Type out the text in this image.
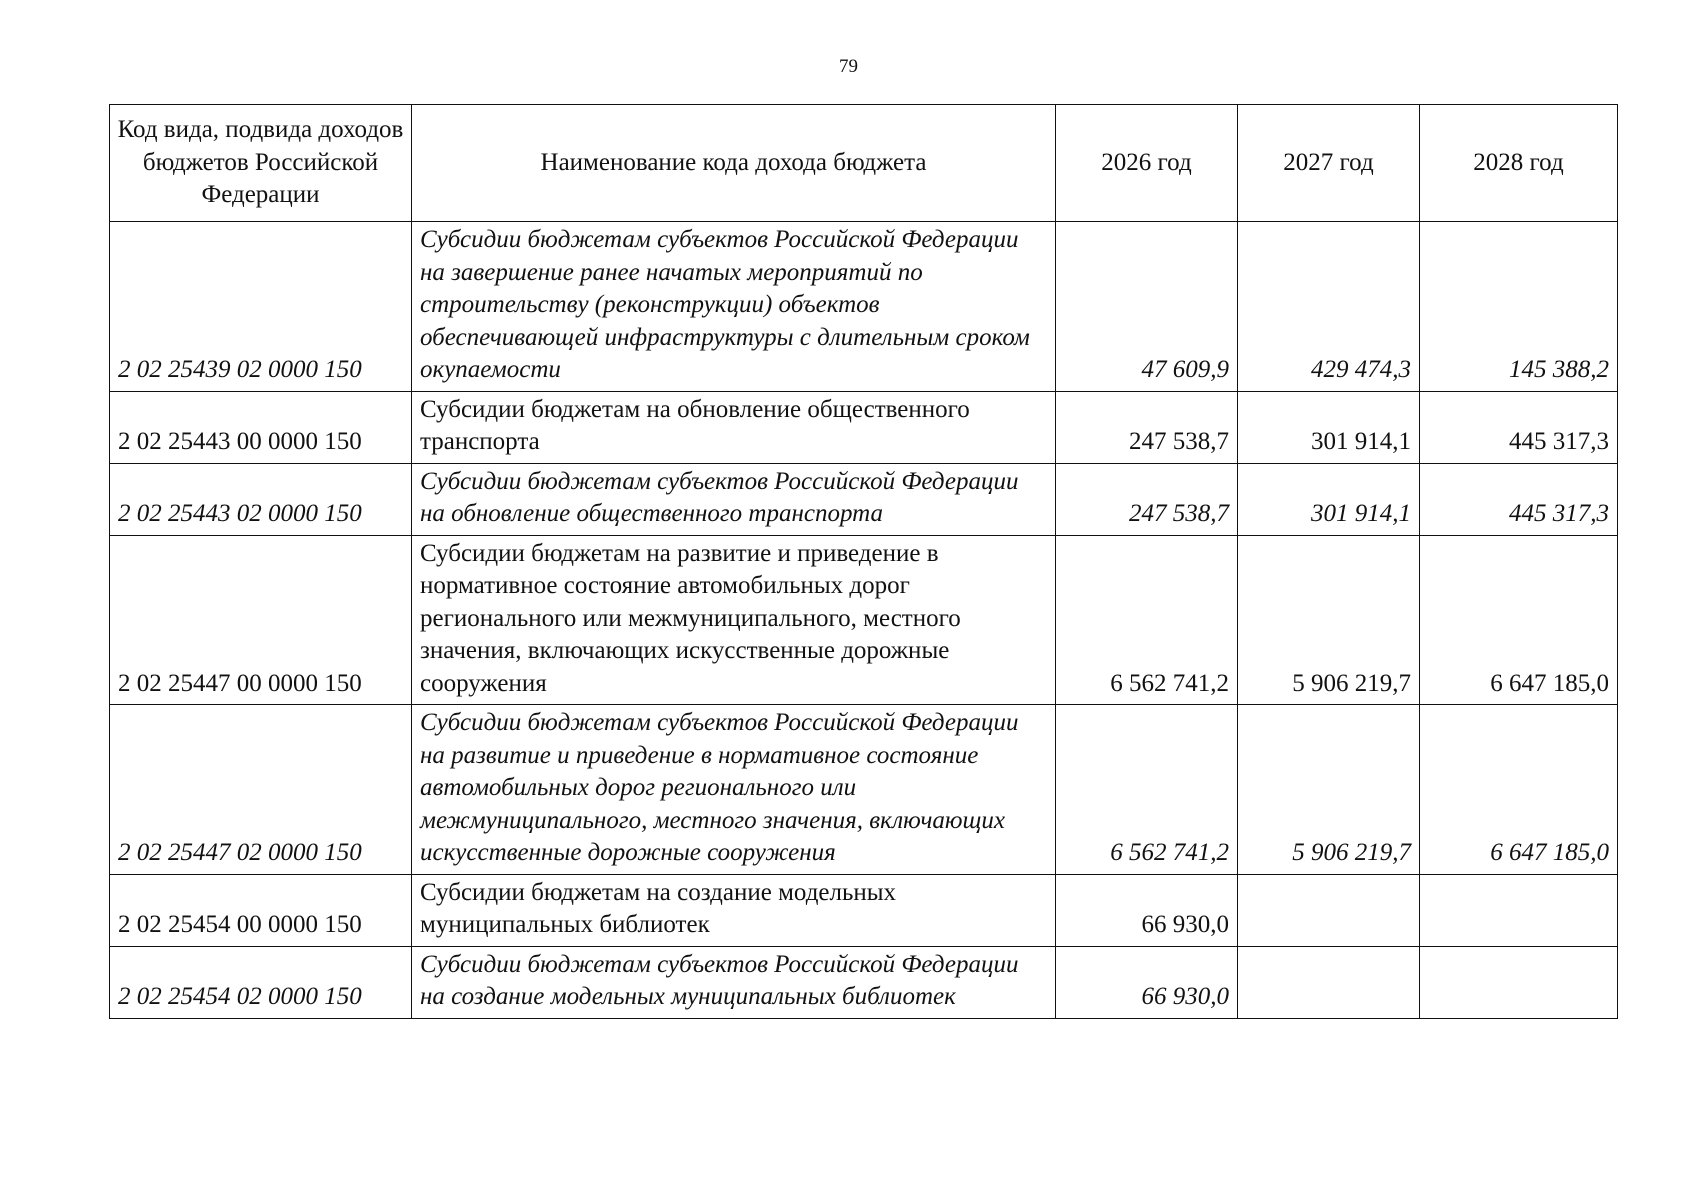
79
Код вида, подвида доходов бюджетов Российской Федерации	Наименование кода дохода бюджета	2026 год	2027 год	2028 год
2 02 25439 02 0000 150	Субсидии бюджетам субъектов Российской Федерации на завершение ранее начатых мероприятий по строительству (реконструкции) объектов обеспечивающей инфраструктуры с длительным сроком окупаемости	47 609,9	429 474,3	145 388,2
2 02 25443 00 0000 150	Субсидии бюджетам на обновление общественного транспорта	247 538,7	301 914,1	445 317,3
2 02 25443 02 0000 150	Субсидии бюджетам субъектов Российской Федерации на обновление общественного транспорта	247 538,7	301 914,1	445 317,3
2 02 25447 00 0000 150	Субсидии бюджетам на развитие и приведение в нормативное состояние автомобильных дорог регионального или межмуниципального, местного значения, включающих искусственные дорожные сооружения	6 562 741,2	5 906 219,7	6 647 185,0
2 02 25447 02 0000 150	Субсидии бюджетам субъектов Российской Федерации на развитие и приведение в нормативное состояние автомобильных дорог регионального или межмуниципального, местного значения, включающих искусственные дорожные сооружения	6 562 741,2	5 906 219,7	6 647 185,0
2 02 25454 00 0000 150	Субсидии бюджетам на создание модельных муниципальных библиотек	66 930,0		
2 02 25454 02 0000 150	Субсидии бюджетам субъектов Российской Федерации на создание модельных муниципальных библиотек	66 930,0		
